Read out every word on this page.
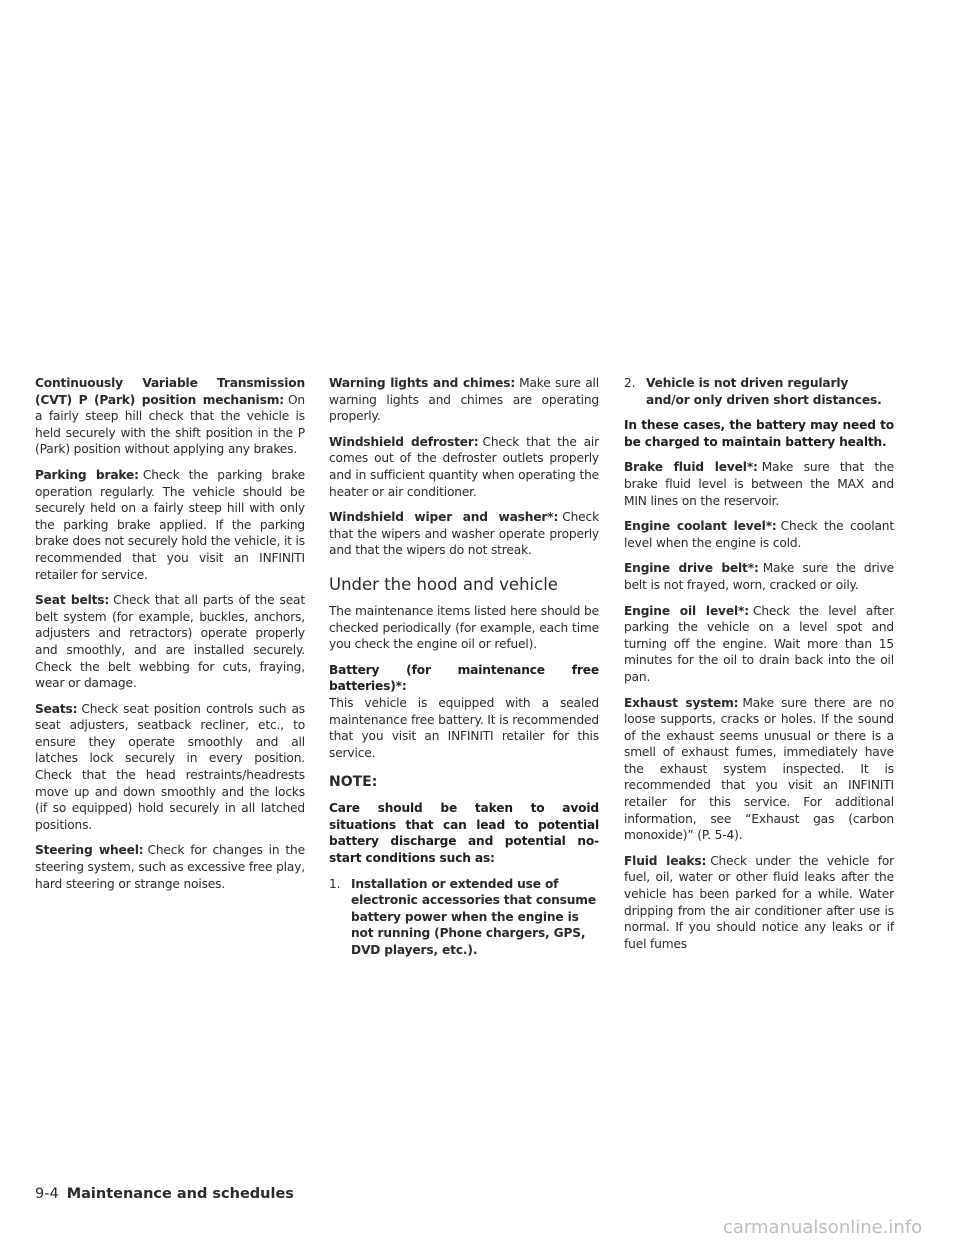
Continuously Variable Transmission (CVT) P (Park) position mechanism: On a fairly steep hill check that the vehicle is held securely with the shift position in the P (Park) position without applying any brakes.

Parking brake: Check the parking brake operation regularly. The vehicle should be securely held on a fairly steep hill with only the parking brake applied. If the parking brake does not securely hold the vehicle, it is recommended that you visit an INFINITI retailer for service.

Seat belts: Check that all parts of the seat belt system (for example, buckles, anchors, adjusters and retractors) operate properly and smoothly, and are installed securely. Check the belt webbing for cuts, fraying, wear or damage.

Seats: Check seat position controls such as seat adjusters, seatback recliner, etc., to ensure they operate smoothly and all latches lock securely in every position. Check that the head restraints/headrests move up and down smoothly and the locks (if so equipped) hold securely in all latched positions.

Steering wheel: Check for changes in the steering system, such as excessive free play, hard steering or strange noises.

Warning lights and chimes: Make sure all warning lights and chimes are operating properly.

Windshield defroster: Check that the air comes out of the defroster outlets properly and in sufficient quantity when operating the heater or air conditioner.

Windshield wiper and washer*: Check that the wipers and washer operate properly and that the wipers do not streak.

Under the hood and vehicle

The maintenance items listed here should be checked periodically (for example, each time you check the engine oil or refuel).

Battery (for maintenance free batteries)*:
This vehicle is equipped with a sealed maintenance free battery. It is recommended that you visit an INFINITI retailer for this service.

NOTE:

Care should be taken to avoid situations that can lead to potential battery discharge and potential no-start conditions such as:

1. Installation or extended use of electronic accessories that consume battery power when the engine is not running (Phone chargers, GPS, DVD players, etc.).
2. Vehicle is not driven regularly and/or only driven short distances.

In these cases, the battery may need to be charged to maintain battery health.

Brake fluid level*: Make sure that the brake fluid level is between the MAX and MIN lines on the reservoir.

Engine coolant level*: Check the coolant level when the engine is cold.

Engine drive belt*: Make sure the drive belt is not frayed, worn, cracked or oily.

Engine oil level*: Check the level after parking the vehicle on a level spot and turning off the engine. Wait more than 15 minutes for the oil to drain back into the oil pan.

Exhaust system: Make sure there are no loose supports, cracks or holes. If the sound of the exhaust seems unusual or there is a smell of exhaust fumes, immediately have the exhaust system inspected. It is recommended that you visit an INFINITI retailer for this service. For additional information, see “Exhaust gas (carbon monoxide)” (P. 5-4).

Fluid leaks: Check under the vehicle for fuel, oil, water or other fluid leaks after the vehicle has been parked for a while. Water dripping from the air conditioner after use is normal. If you should notice any leaks or if fuel fumes

9-4 Maintenance and schedules
carmanualsonline.info
